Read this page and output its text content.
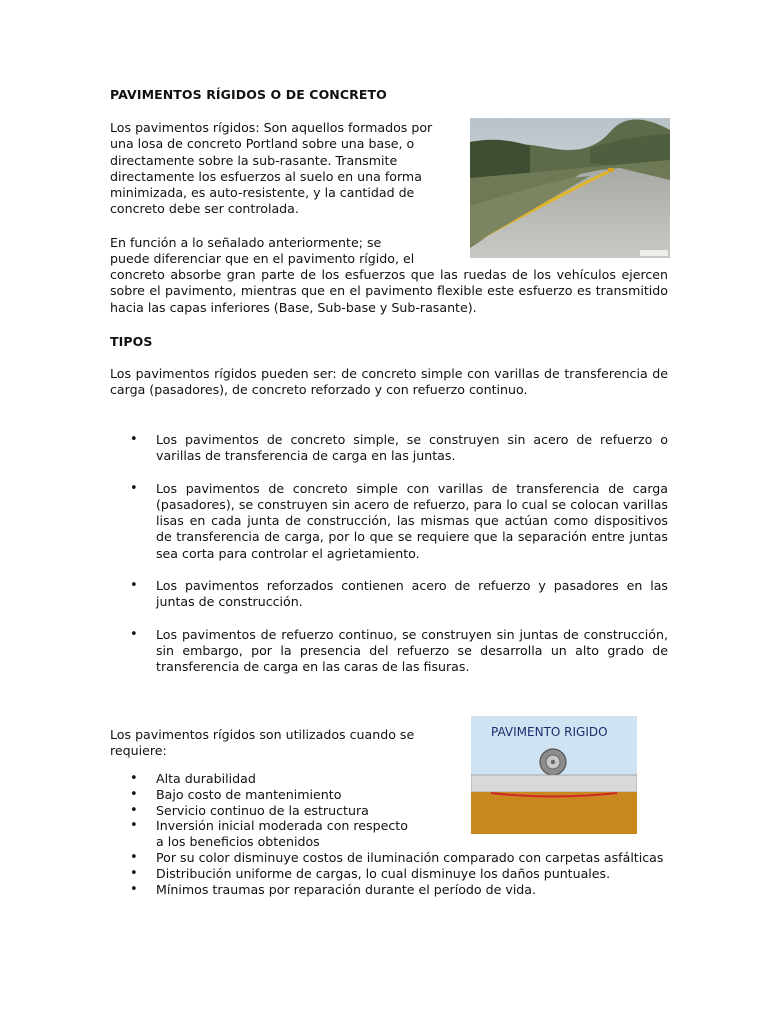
PAVIMENTOS RÍGIDOS O DE CONCRETO

Los pavimentos rígidos: Son aquellos formados por

una losa de concreto Portland sobre una base, o

directamente sobre la sub-rasante. Transmite

directamente los esfuerzos al suelo en una forma

minimizada, es auto-resistente, y la cantidad de

concreto debe ser controlada.

En función a lo señalado anteriormente; se

puede diferenciar que en el pavimento rígido, el

concreto absorbe gran parte de los esfuerzos que las ruedas de los vehículos ejercen sobre el pavimento, mientras que en el pavimento flexible este esfuerzo es transmitido hacia las capas inferiores (Base, Sub-base y Sub-rasante).

TIPOS

Los pavimentos rígidos pueden ser: de concreto simple con varillas de transferencia de carga (pasadores), de concreto reforzado y con refuerzo continuo.

• Los pavimentos de concreto simple, se construyen sin acero de refuerzo o varillas de transferencia de carga en las juntas.
• Los pavimentos de concreto simple con varillas de transferencia de carga (pasadores), se construyen sin acero de refuerzo, para lo cual se colocan varillas lisas en cada junta de construcción, las mismas que actúan como dispositivos de transferencia de carga, por lo que se requiere que la separación entre juntas sea corta para controlar el agrietamiento.
• Los pavimentos reforzados contienen acero de refuerzo y pasadores en las juntas de construcción.
• Los pavimentos de refuerzo continuo, se construyen sin juntas de construcción, sin embargo, por la presencia del refuerzo se desarrolla un alto grado de transferencia de carga en las caras de las fisuras.

Los pavimentos rígidos son utilizados cuando se

requiere:

PAVIMENTO RIGIDO
• Alta durabilidad
• Bajo costo de mantenimiento
• Servicio continuo de la estructura
• Inversión inicial moderada con respecto a los beneficios obtenidos
• Por su color disminuye costos de iluminación comparado con carpetas asfálticas
• Distribución uniforme de cargas, lo cual disminuye los daños puntuales.
• Mínimos traumas por reparación durante el período de vida.
